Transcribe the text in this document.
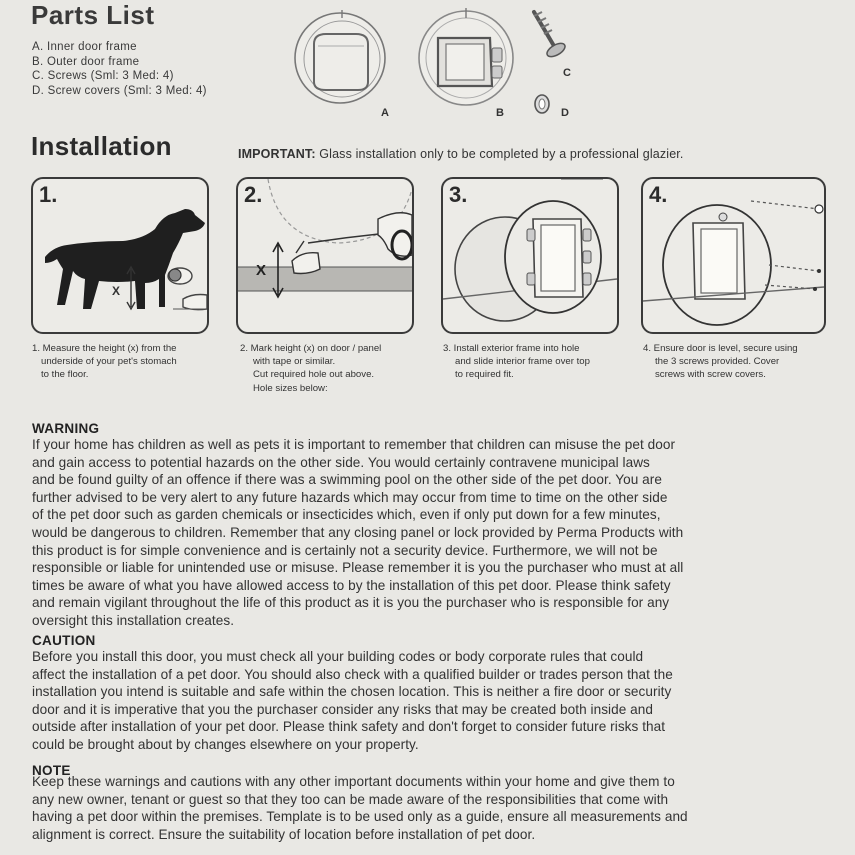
Parts List
A. Inner door frame
B. Outer door frame
C. Screws (Sml: 3 Med: 4)
D. Screw covers (Sml: 3 Med: 4)
A	B
C
D
Installation	IMPORTANT: Glass installation only to be completed by a professional glazier.
1.
X
2.
X
3.	4.
1. Measure the height (x) from the
underside of your pet's stomach
to the floor.
2. Mark height (x) on door / panel
with tape or similar.
Cut required hole out above.
Hole sizes below:
3. Install exterior frame into hole
and slide interior frame over top
to required fit.
4. Ensure door is level, secure using
the 3 screws provided. Cover
screws with screw covers.
WARNING
If your home has children as well as pets it is important to remember that children can misuse the pet door
and gain access to potential hazards on the other side. You would certainly contravene municipal laws
and be found guilty of an offence if there was a swimming pool on the other side of the pet door. You are
further advised to be very alert to any future hazards which may occur from time to time on the other side
of the pet door such as garden chemicals or insecticides which, even if only put down for a few minutes,
would be dangerous to children. Remember that any closing panel or lock provided by Perma Products with
this product is for simple convenience and is certainly not a security device. Furthermore, we will not be
responsible or liable for unintended use or misuse. Please remember it is you the purchaser who must at all
times be aware of what you have allowed access to by the installation of this pet door. Please think safety
and remain vigilant throughout the life of this product as it is you the purchaser who is responsible for any
oversight this installation creates.
CAUTION
Before you install this door, you must check all your building codes or body corporate rules that could
affect the installation of a pet door. You should also check with a qualified builder or trades person that the
installation you intend is suitable and safe within the chosen location. This is neither a fire door or security
door and it is imperative that you the purchaser consider any risks that may be created both inside and
outside after installation of your pet door. Please think safety and don't forget to consider future risks that
could be brought about by changes elsewhere on your property.
NOTE
Keep these warnings and cautions with any other important documents within your home and give them to
any new owner, tenant or guest so that they too can be made aware of the responsibilities that come with
having a pet door within the premises. Template is to be used only as a guide, ensure all measurements and
alignment is correct. Ensure the suitability of location before installation of pet door.
